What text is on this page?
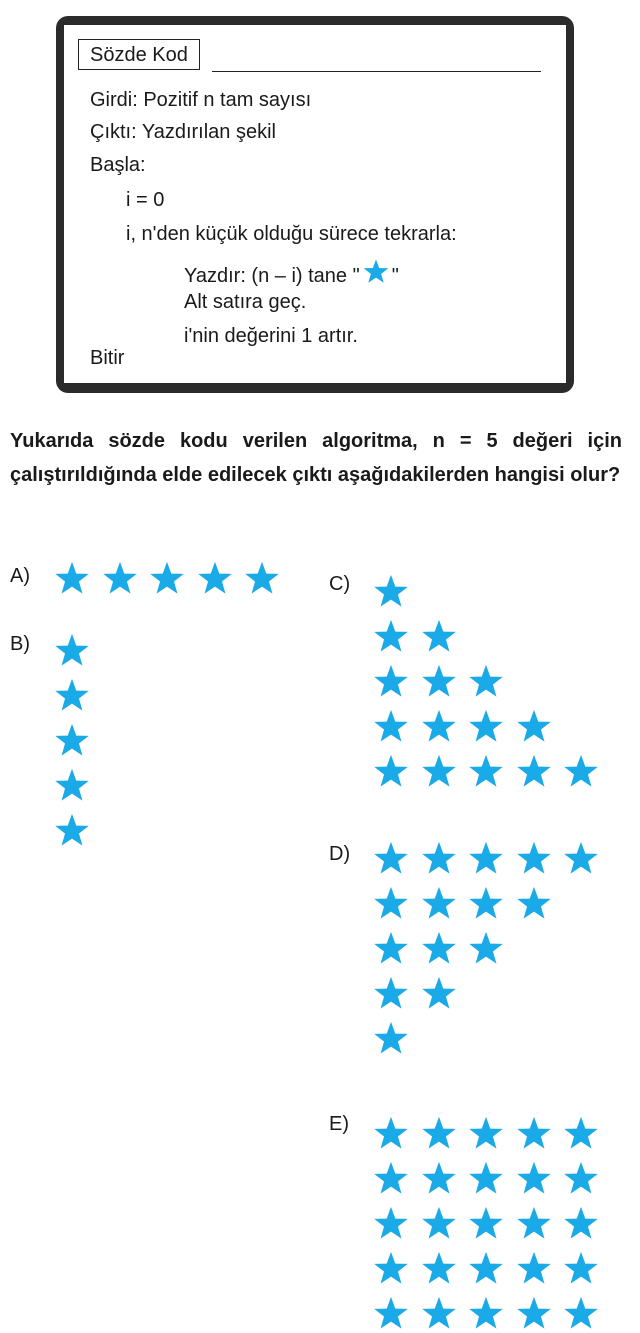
Sözde Kod
Girdi: Pozitif n tam sayısı
Çıktı: Yazdırılan şekil
Başla:
i = 0
i, n'den küçük olduğu sürece tekrarla:
Yazdır: (n – i) tane " "
Alt satıra geç.
i'nin değerini 1 artır.
Bitir

Yukarıda sözde kodu verilen algoritma, n = 5 değeri için çalıştırıldığında elde edilecek çıktı aşağıdakilerden hangisi olur?

A)
B)
C)
D)
E)
